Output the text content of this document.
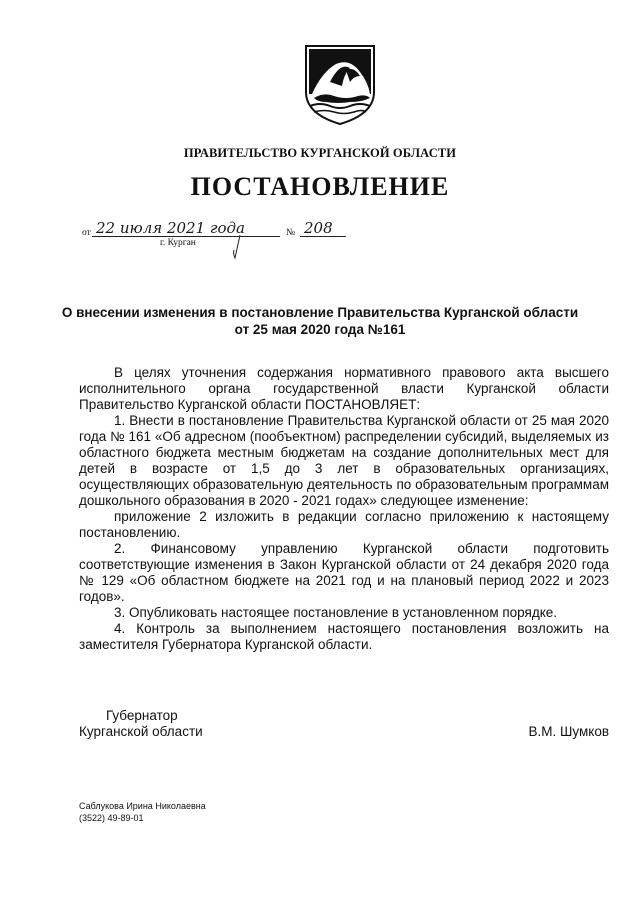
ПРАВИТЕЛЬСТВО КУРГАНСКОЙ ОБЛАСТИ
ПОСТАНОВЛЕНИЕ
от 22 июля 2021 года	№ 208
г. Курган
О внесении изменения в постановление Правительства Курганской области
от 25 мая 2020 года №161

В целях уточнения содержания нормативного правового акта высшего исполнительного органа государственной власти Курганской области Правительство Курганской области ПОСТАНОВЛЯЕТ:

1. Внести в постановление Правительства Курганской области от 25 мая 2020 года № 161 «Об адресном (пообъектном) распределении субсидий, выделяемых из областного бюджета местным бюджетам на создание дополнительных мест для детей в возрасте от 1,5 до 3 лет в образовательных организациях, осуществляющих образовательную деятельность по образовательным программам дошкольного образования в 2020 - 2021 годах» следующее изменение:

приложение 2 изложить в редакции согласно приложению к настоящему постановлению.

2. Финансовому управлению Курганской области подготовить соответствующие изменения в Закон Курганской области от 24 декабря 2020 года № 129 «Об областном бюджете на 2021 год и на плановый период 2022 и 2023 годов».

3. Опубликовать настоящее постановление в установленном порядке.

4. Контроль за выполнением настоящего постановления возложить на заместителя Губернатора Курганской области.

Губернатор
Курганской области	В.М. Шумков
Саблукова Ирина Николаевна
(3522) 49-89-01
